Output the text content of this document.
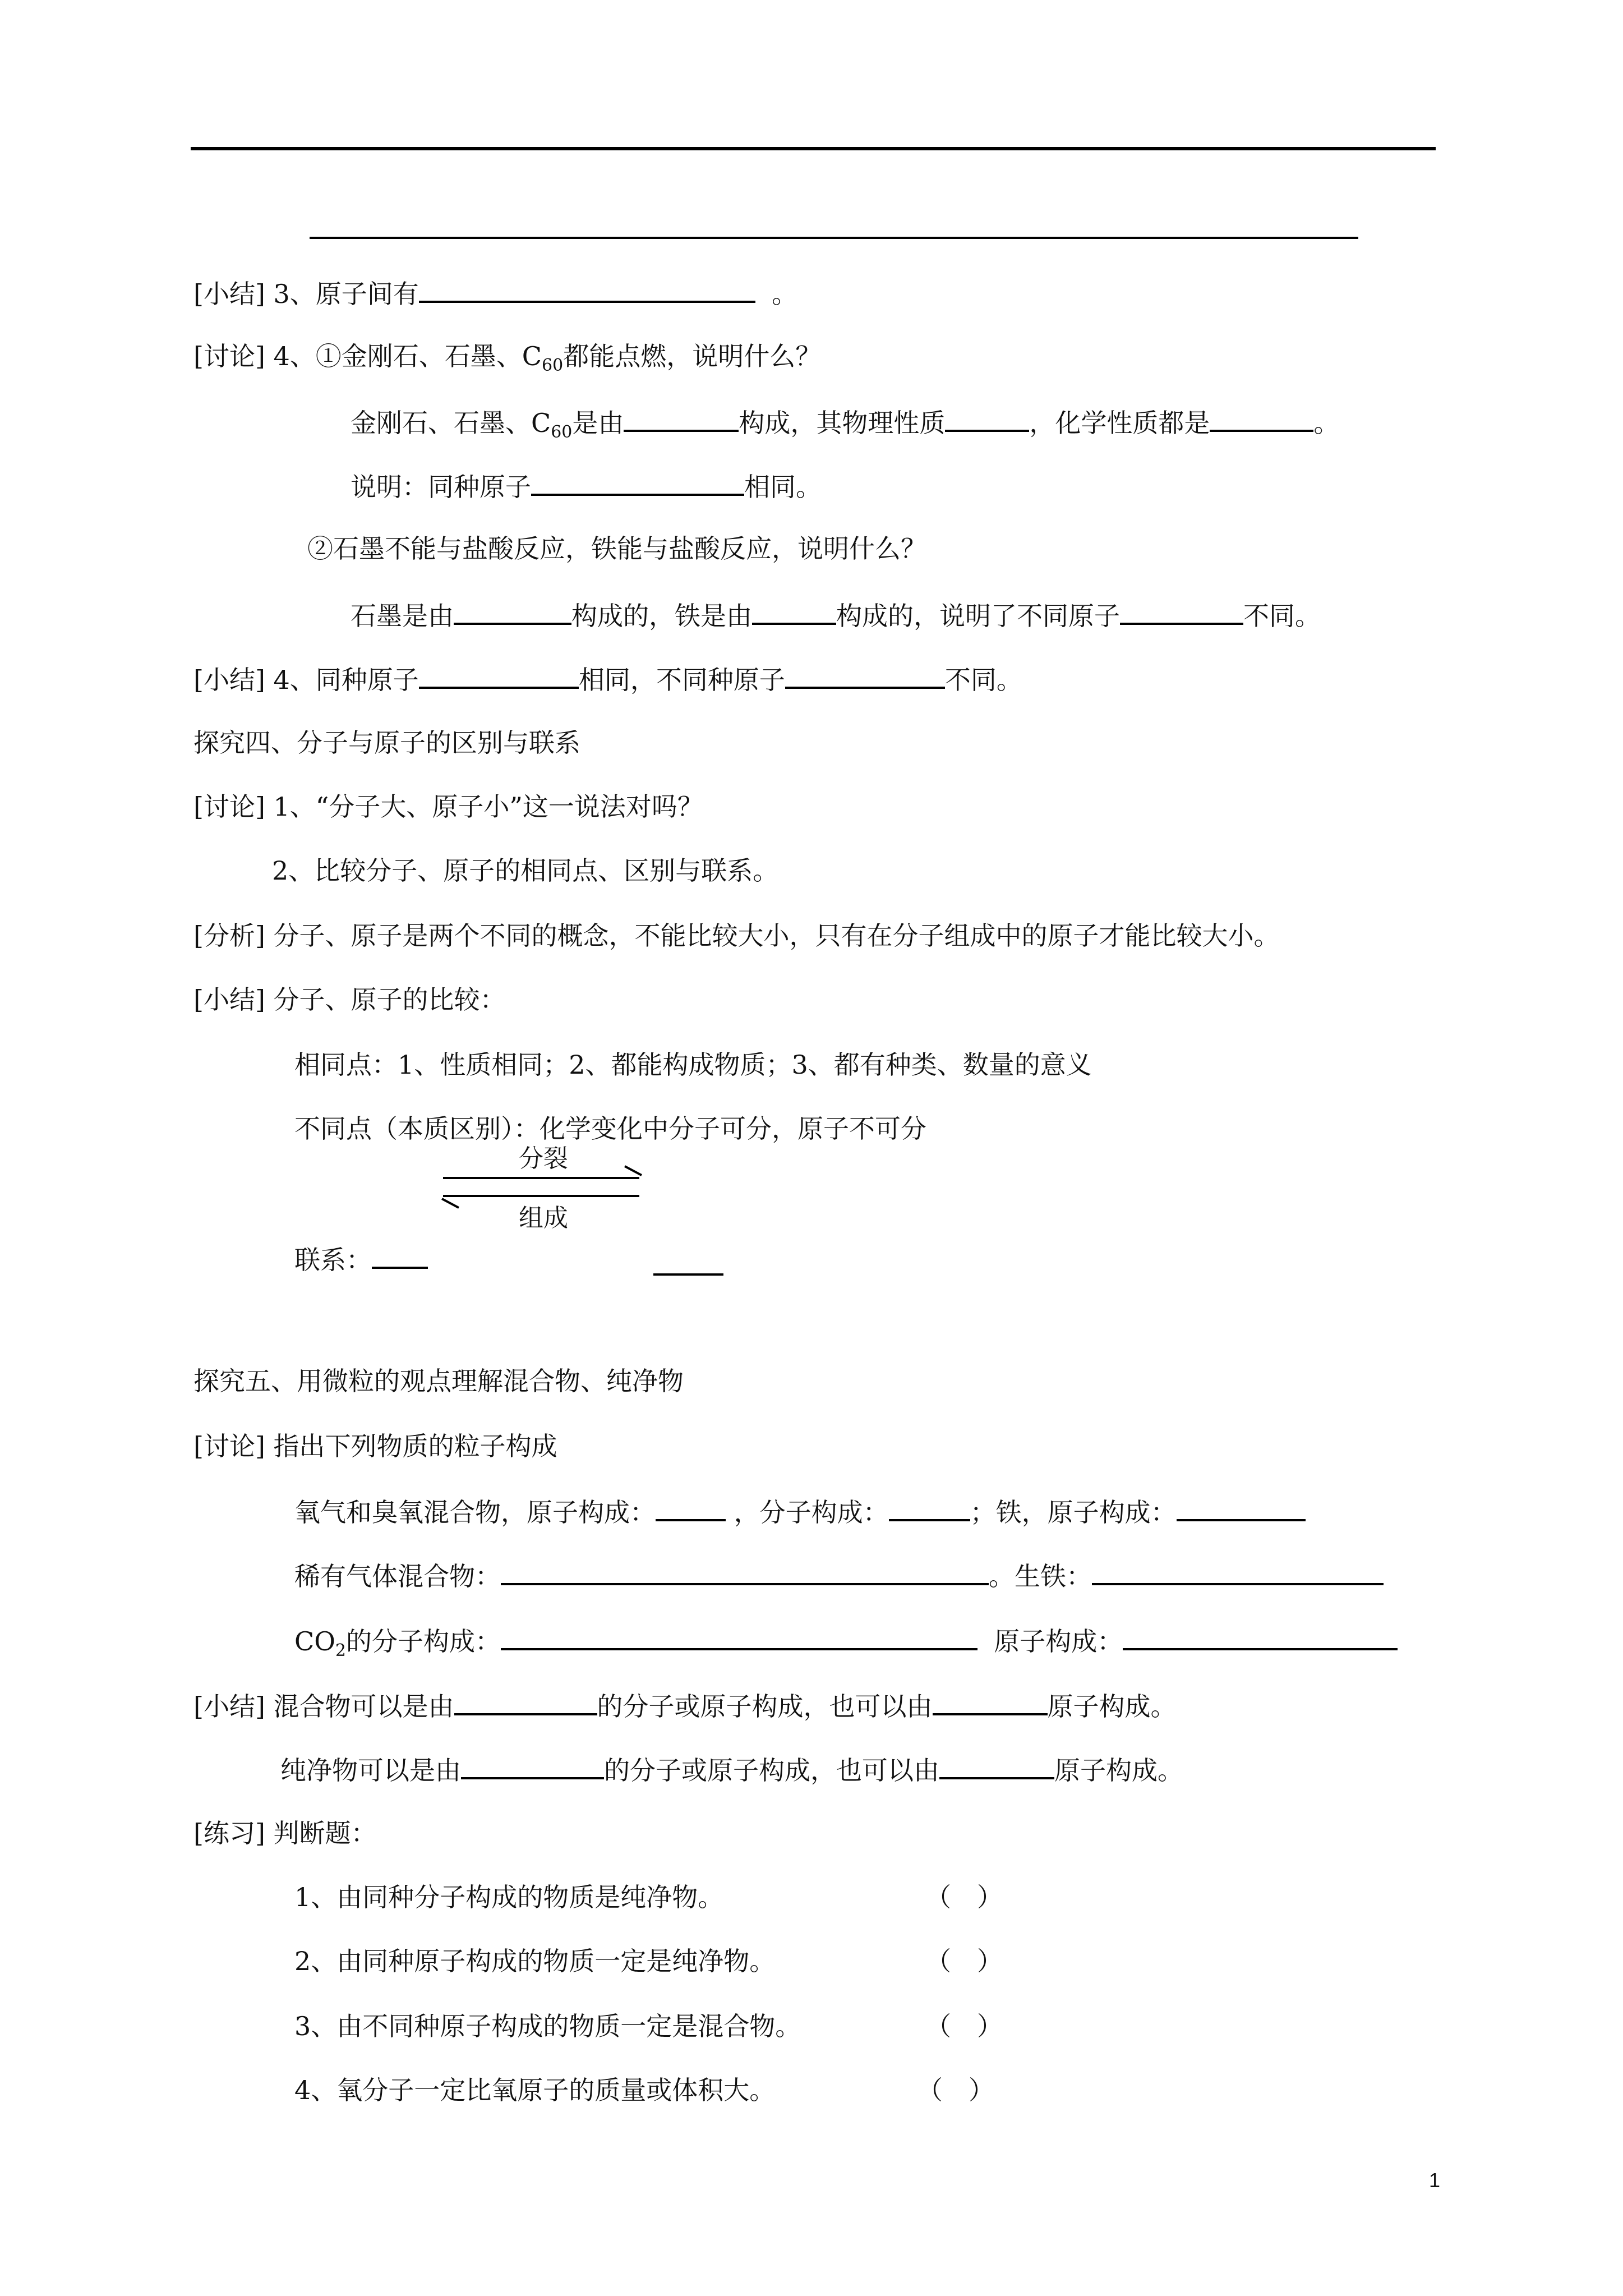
[小结] 3、原子间有	。
[讨论] 4、①金刚石、石墨、$C_{60}$都能点燃，说明什么？
金刚石、石墨、$C_{60}$是由	构成，其物理性质	，化学性质都是	。
说明：同种原子	相同。
②石墨不能与盐酸反应，铁能与盐酸反应，说明什么？
石墨是由	构成的，铁是由	构成的，说明了不同原子	不同。
[小结] 4、同种原子	相同，不同种原子	不同。
探究四、分子与原子的区别与联系
[讨论] 1、“分子大、原子小”这一说法对吗？
2、比较分子、原子的相同点、区别与联系。
[分析] 分子、原子是两个不同的概念，不能比较大小，只有在分子组成中的原子才能比较大小。
[小结] 分子、原子的比较：
相同点：1、性质相同；2、都能构成物质；3、都有种类、数量的意义
不同点（本质区别）：化学变化中分子可分，原子不可分
分裂
组成
联系：
探究五、用微粒的观点理解混合物、纯净物
[讨论] 指出下列物质的粒子构成
氧气和臭氧混合物，原子构成：	，分子构成：	；铁，原子构成：
稀有气体混合物：	。生铁：
$CO_2$的分子构成：	原子构成：
[小结] 混合物可以是由	的分子或原子构成，也可以由	原子构成。
纯净物可以是由	的分子或原子构成，也可以由	原子构成。
[练习] 判断题：
1、由同种分子构成的物质是纯净物。	（　）
2、由同种原子构成的物质一定是纯净物。	（　）
3、由不同种原子构成的物质一定是混合物。	（　）
4、氧分子一定比氧原子的质量或体积大。	（　）
1
